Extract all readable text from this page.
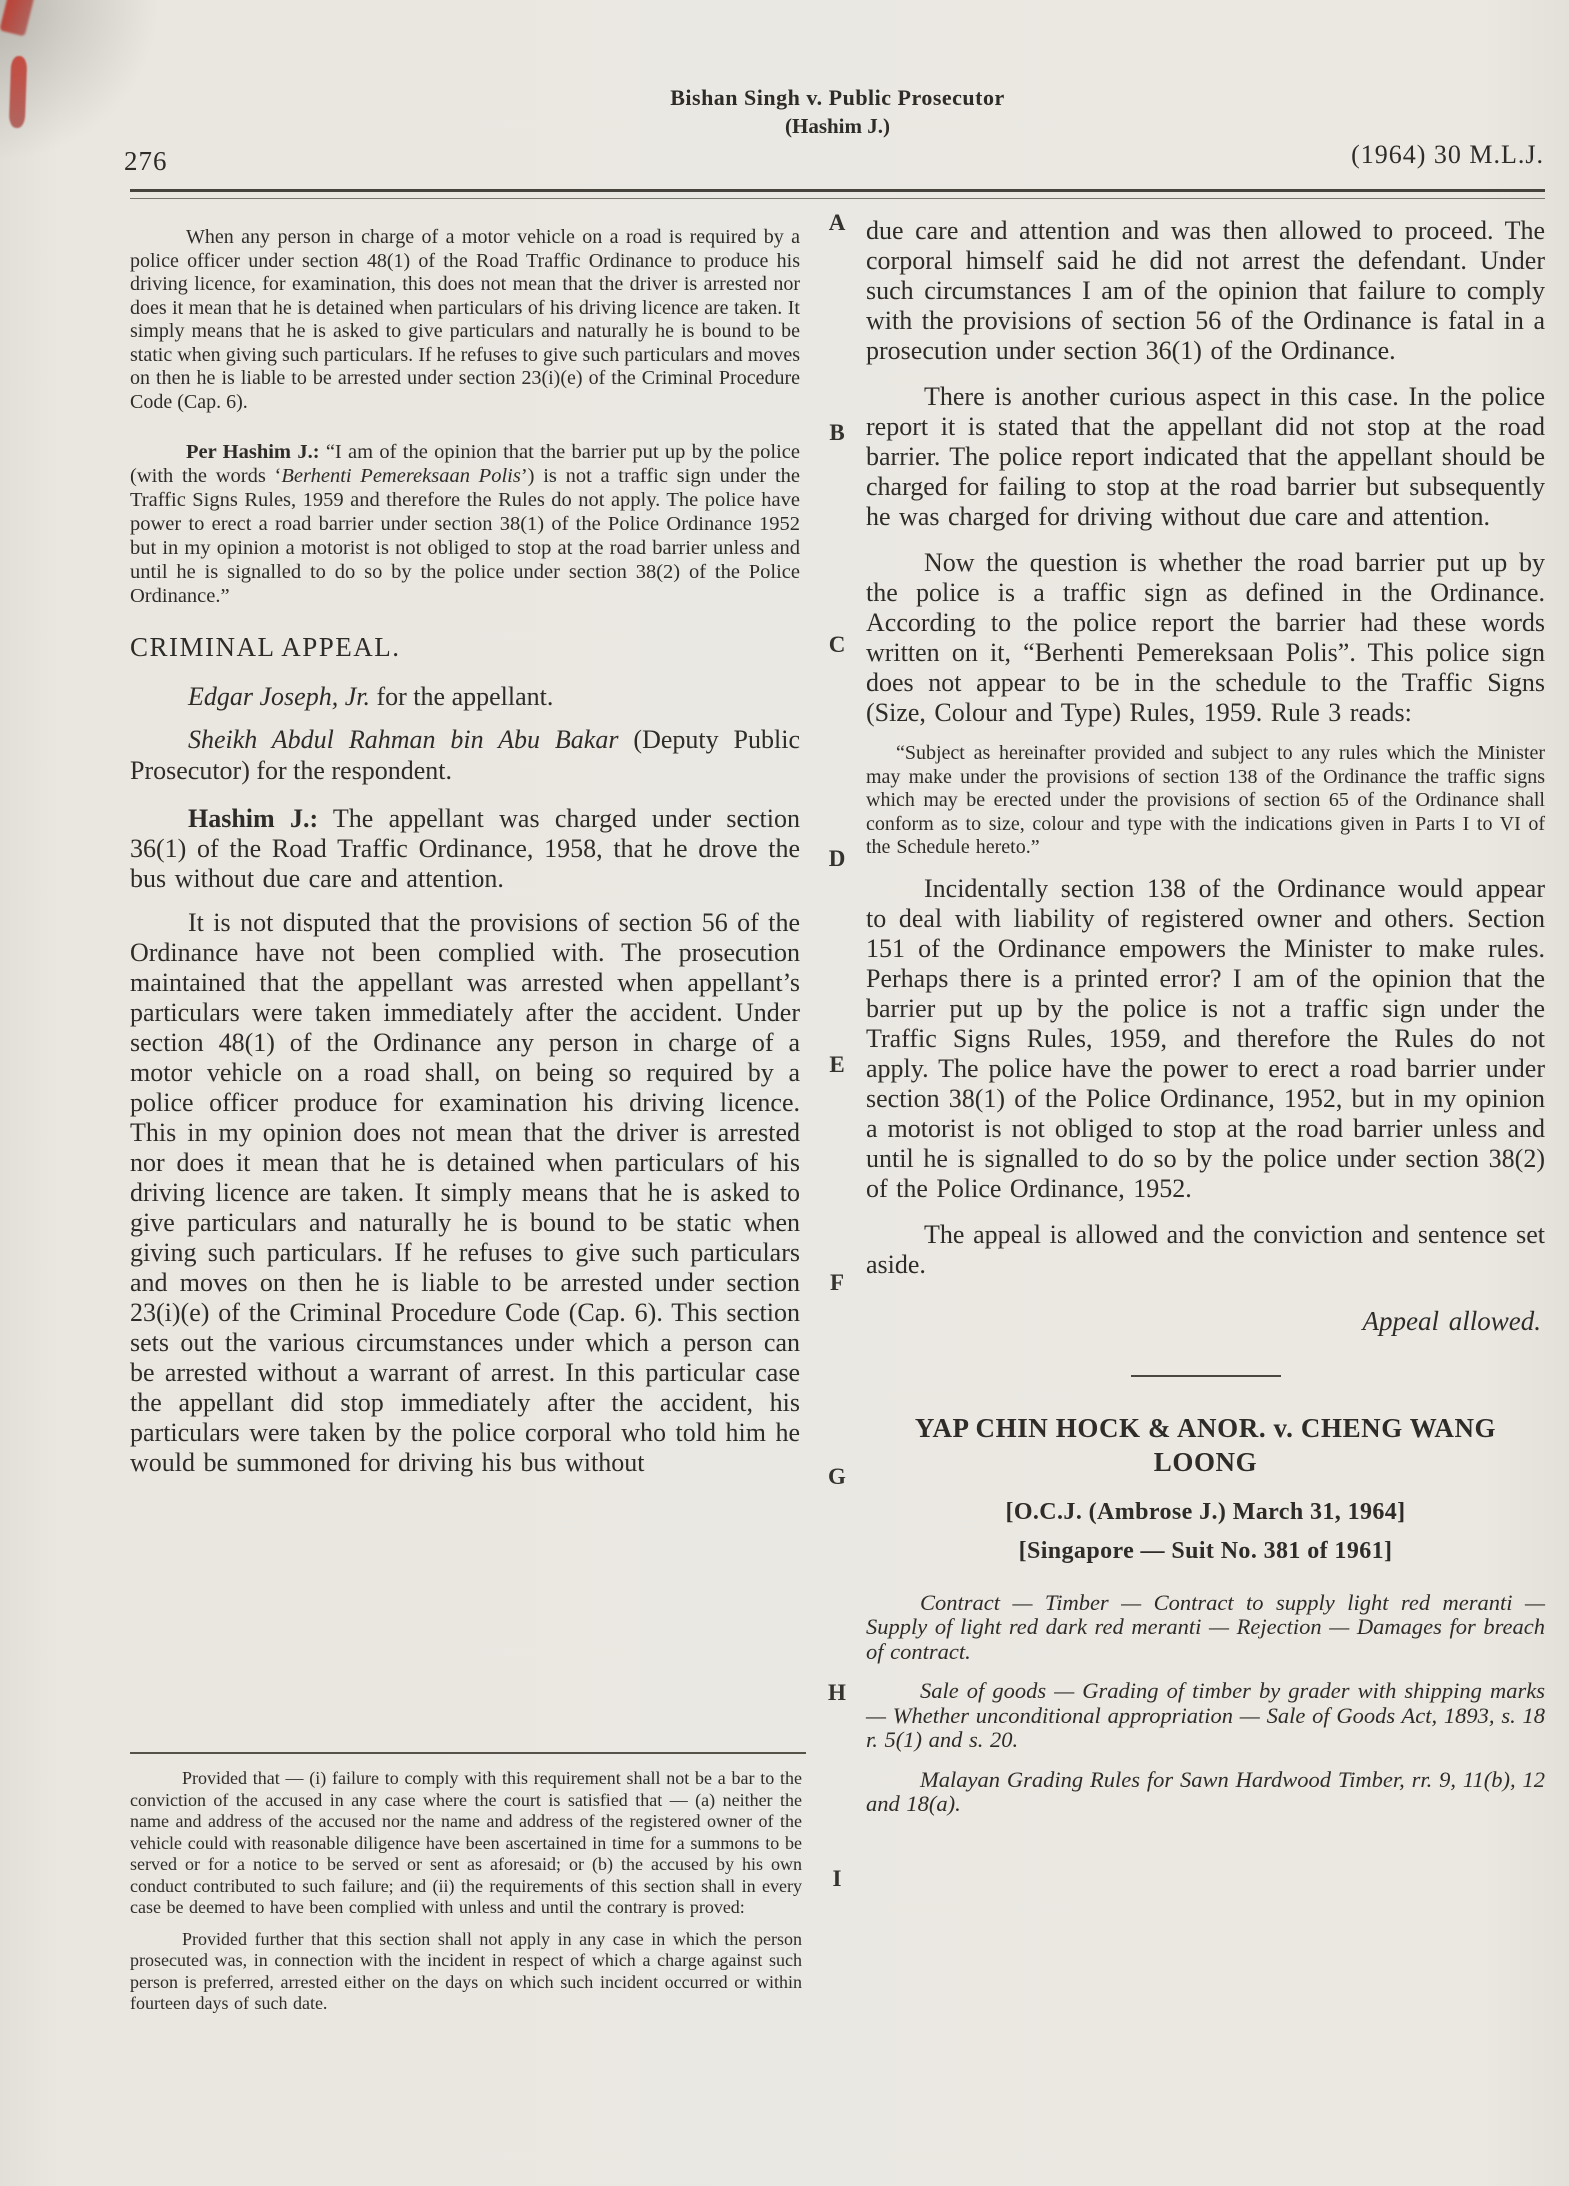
276
Bishan Singh v. Public Prosecutor
(Hashim J.)
(1964) 30 M.L.J.
A
B
C
D
E
F
G
H
I

When any person in charge of a motor vehicle on a road is required by a police officer under section 48(1) of the Road Traffic Ordinance to produce his driving licence, for examination, this does not mean that the driver is arrested nor does it mean that he is detained when particulars of his driving licence are taken. It simply means that he is asked to give particulars and naturally he is bound to be static when giving such particulars. If he refuses to give such particulars and moves on then he is liable to be arrested under section 23(i)(e) of the Criminal Procedure Code (Cap. 6).

Per Hashim J.: “I am of the opinion that the barrier put up by the police (with the words ‘Berhenti Pemereksaan Polis’) is not a traffic sign under the Traffic Signs Rules, 1959 and therefore the Rules do not apply. The police have power to erect a road barrier under section 38(1) of the Police Ordinance 1952 but in my opinion a motorist is not obliged to stop at the road barrier unless and until he is signalled to do so by the police under section 38(2) of the Police Ordinance.”

CRIMINAL APPEAL.

Edgar Joseph, Jr. for the appellant.

Sheikh Abdul Rahman bin Abu Bakar (Deputy Public Prosecutor) for the respondent.

Hashim J.: The appellant was charged under section 36(1) of the Road Traffic Ordinance, 1958, that he drove the bus without due care and attention.

It is not disputed that the provisions of section 56 of the Ordinance have not been complied with. The prosecution maintained that the appellant was arrested when appellant’s particulars were taken immediately after the accident. Under section 48(1) of the Ordinance any person in charge of a motor vehicle on a road shall, on being so required by a police officer produce for examination his driving licence. This in my opinion does not mean that the driver is arrested nor does it mean that he is detained when particulars of his driving licence are taken. It simply means that he is asked to give particulars and naturally he is bound to be static when giving such particulars. If he refuses to give such particulars and moves on then he is liable to be arrested under section 23(i)(e) of the Criminal Procedure Code (Cap. 6). This section sets out the various circumstances under which a person can be arrested without a warrant of arrest. In this particular case the appellant did stop immediately after the accident, his particulars were taken by the police corporal who told him he would be summoned for driving his bus without

Provided that — (i) failure to comply with this requirement shall not be a bar to the conviction of the accused in any case where the court is satisfied that — (a) neither the name and address of the accused nor the name and address of the registered owner of the vehicle could with reasonable diligence have been ascertained in time for a summons to be served or for a notice to be served or sent as aforesaid; or (b) the accused by his own conduct contributed to such failure; and (ii) the requirements of this section shall in every case be deemed to have been complied with unless and until the contrary is proved:

Provided further that this section shall not apply in any case in which the person prosecuted was, in connection with the incident in respect of which a charge against such person is preferred, arrested either on the days on which such incident occurred or within fourteen days of such date.

due care and attention and was then allowed to proceed. The corporal himself said he did not arrest the defendant. Under such circumstances I am of the opinion that failure to comply with the provisions of section 56 of the Ordinance is fatal in a prosecution under section 36(1) of the Ordinance.

There is another curious aspect in this case. In the police report it is stated that the appellant did not stop at the road barrier. The police report indicated that the appellant should be charged for failing to stop at the road barrier but subsequently he was charged for driving without due care and attention.

Now the question is whether the road barrier put up by the police is a traffic sign as defined in the Ordinance. According to the police report the barrier had these words written on it, “Berhenti Pemereksaan Polis”. This police sign does not appear to be in the schedule to the Traffic Signs (Size, Colour and Type) Rules, 1959. Rule 3 reads:

“Subject as hereinafter provided and subject to any rules which the Minister may make under the provisions of section 138 of the Ordinance the traffic signs which may be erected under the provisions of section 65 of the Ordinance shall conform as to size, colour and type with the indications given in Parts I to VI of the Schedule hereto.”

Incidentally section 138 of the Ordinance would appear to deal with liability of registered owner and others. Section 151 of the Ordinance empowers the Minister to make rules. Perhaps there is a printed error? I am of the opinion that the barrier put up by the police is not a traffic sign under the Traffic Signs Rules, 1959, and therefore the Rules do not apply. The police have the power to erect a road barrier under section 38(1) of the Police Ordinance, 1952, but in my opinion a motorist is not obliged to stop at the road barrier unless and until he is signalled to do so by the police under section 38(2) of the Police Ordinance, 1952.

The appeal is allowed and the conviction and sentence set aside.

Appeal allowed.
YAP CHIN HOCK & ANOR. v. CHENG WANG LOONG
[O.C.J. (Ambrose J.) March 31, 1964]
[Singapore — Suit No. 381 of 1961]

Contract — Timber — Contract to supply light red meranti — Supply of light red dark red meranti — Rejection — Damages for breach of contract.

Sale of goods — Grading of timber by grader with shipping marks — Whether unconditional appropriation — Sale of Goods Act, 1893, s. 18 r. 5(1) and s. 20.

Malayan Grading Rules for Sawn Hardwood Timber, rr. 9, 11(b), 12 and 18(a).
